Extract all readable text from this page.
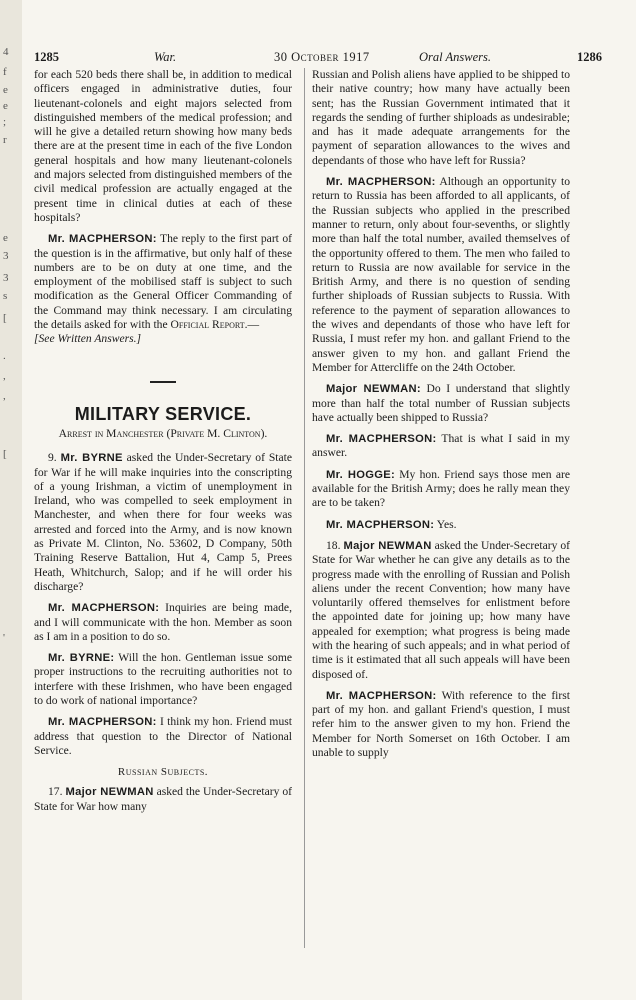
4
f
e
e
;
r
e
3
3
s
[
.
,
,
[
'
1285	War.	30 October 1917	Oral Answers.	1286

for each 520 beds there shall be, in addition to medical officers engaged in administrative duties, four lieutenant-colonels and eight majors selected from distinguished members of the medical profession; and will he give a detailed return showing how many beds there are at the present time in each of the five London general hospitals and how many lieutenant-colonels and majors selected from distinguished members of the civil medical profession are actually engaged at the present time in clinical duties at each of these hospitals?

Mr. MACPHERSON: The reply to the first part of the question is in the affirmative, but only half of these numbers are to be on duty at one time, and the employment of the mobilised staff is subject to such modification as the General Officer Commanding of the Command may think necessary. I am circulating the details asked for with the Official Report.—
[See Written Answers.]

MILITARY SERVICE.
Arrest in Manchester (Private M. Clinton).

9. Mr. BYRNE asked the Under-Secretary of State for War if he will make inquiries into the conscripting of a young Irishman, a victim of unemployment in Ireland, who was compelled to seek employment in Manchester, and when there for four weeks was arrested and forced into the Army, and is now known as Private M. Clinton, No. 53602, D Company, 50th Training Reserve Battalion, Hut 4, Camp 5, Prees Heath, Whitchurch, Salop; and if he will order his discharge?

Mr. MACPHERSON: Inquiries are being made, and I will communicate with the hon. Member as soon as I am in a position to do so.

Mr. BYRNE: Will the hon. Gentleman issue some proper instructions to the recruiting authorities not to interfere with these Irishmen, who have been engaged to do work of national importance?

Mr. MACPHERSON: I think my hon. Friend must address that question to the Director of National Service.

Russian Subjects.

17. Major NEWMAN asked the Under-Secretary of State for War how many

Russian and Polish aliens have applied to be shipped to their native country; how many have actually been sent; has the Russian Government intimated that it regards the sending of further shiploads as undesirable; and has it made adequate arrangements for the payment of separation allowances to the wives and dependants of those who have left for Russia?

Mr. MACPHERSON: Although an opportunity to return to Russia has been afforded to all applicants, of the Russian subjects who applied in the prescribed manner to return, only about four-sevenths, or slightly more than half the total number, availed themselves of the opportunity offered to them. The men who failed to return to Russia are now available for service in the British Army, and there is no question of sending further shiploads of Russian subjects to Russia. With reference to the payment of separation allowances to the wives and dependants of those who have left for Russia, I must refer my hon. and gallant Friend to the answer given to my hon. and gallant Friend the Member for Attercliffe on the 24th October.

Major NEWMAN: Do I understand that slightly more than half the total number of Russian subjects have actually been shipped to Russia?

Mr. MACPHERSON: That is what I said in my answer.

Mr. HOGGE: My hon. Friend says those men are available for the British Army; does he rally mean they are to be taken?

Mr. MACPHERSON: Yes.

18. Major NEWMAN asked the Under-Secretary of State for War whether he can give any details as to the progress made with the enrolling of Russian and Polish aliens under the recent Convention; how many have voluntarily offered themselves for enlistment before the appointed date for joining up; how many have appealed for exemption; what progress is being made with the hearing of such appeals; and in what period of time is it estimated that all such appeals will have been disposed of.

Mr. MACPHERSON: With reference to the first part of my hon. and gallant Friend's question, I must refer him to the answer given to my hon. Friend the Member for North Somerset on 16th October. I am unable to supply
